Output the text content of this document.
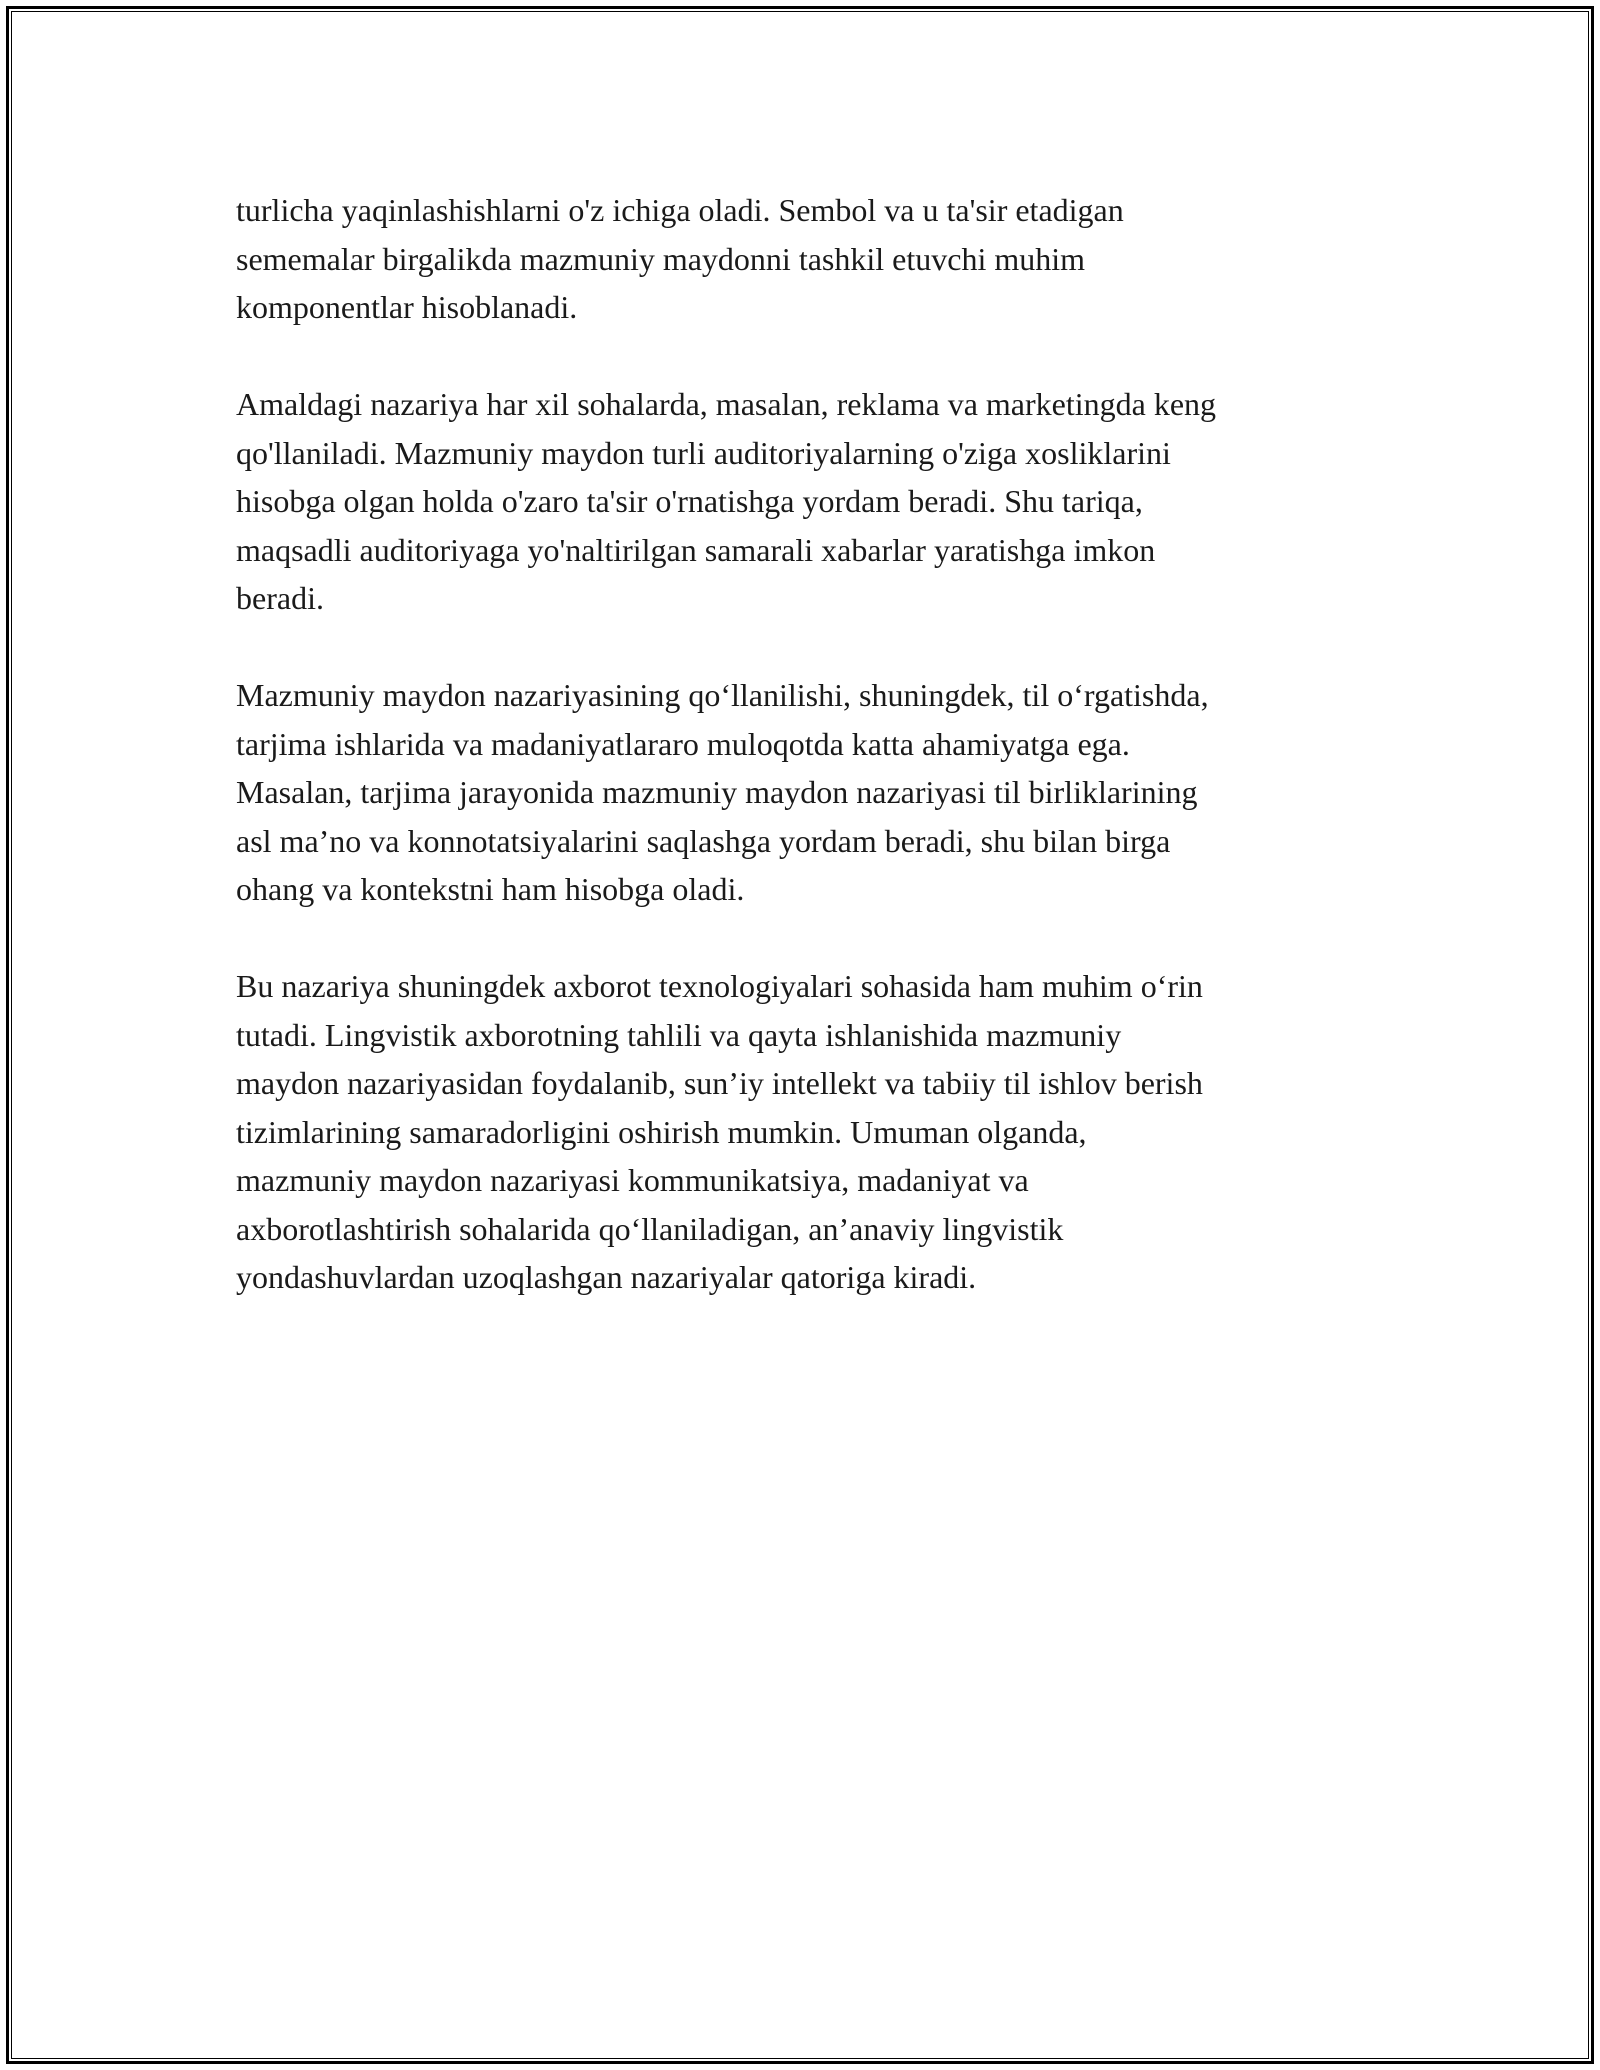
turlicha yaqinlashishlarni o'z ichiga oladi. Sembol va u ta'sir etadigan
sememalar birgalikda mazmuniy maydonni tashkil etuvchi muhim
komponentlar hisoblanadi.

Amaldagi nazariya har xil sohalarda, masalan, reklama va marketingda keng
qo'llaniladi. Mazmuniy maydon turli auditoriyalarning o'ziga xosliklarini
hisobga olgan holda o'zaro ta'sir o'rnatishga yordam beradi. Shu tariqa,
maqsadli auditoriyaga yo'naltirilgan samarali xabarlar yaratishga imkon
beradi.

Mazmuniy maydon nazariyasining qo‘llanilishi, shuningdek, til o‘rgatishda,
tarjima ishlarida va madaniyatlararo muloqotda katta ahamiyatga ega.
Masalan, tarjima jarayonida mazmuniy maydon nazariyasi til birliklarining
asl ma’no va konnotatsiyalarini saqlashga yordam beradi, shu bilan birga
ohang va kontekstni ham hisobga oladi.

Bu nazariya shuningdek axborot texnologiyalari sohasida ham muhim o‘rin
tutadi. Lingvistik axborotning tahlili va qayta ishlanishida mazmuniy
maydon nazariyasidan foydalanib, sun’iy intellekt va tabiiy til ishlov berish
tizimlarining samaradorligini oshirish mumkin. Umuman olganda,
mazmuniy maydon nazariyasi kommunikatsiya, madaniyat va
axborotlashtirish sohalarida qo‘llaniladigan, an’anaviy lingvistik
yondashuvlardan uzoqlashgan nazariyalar qatoriga kiradi.
